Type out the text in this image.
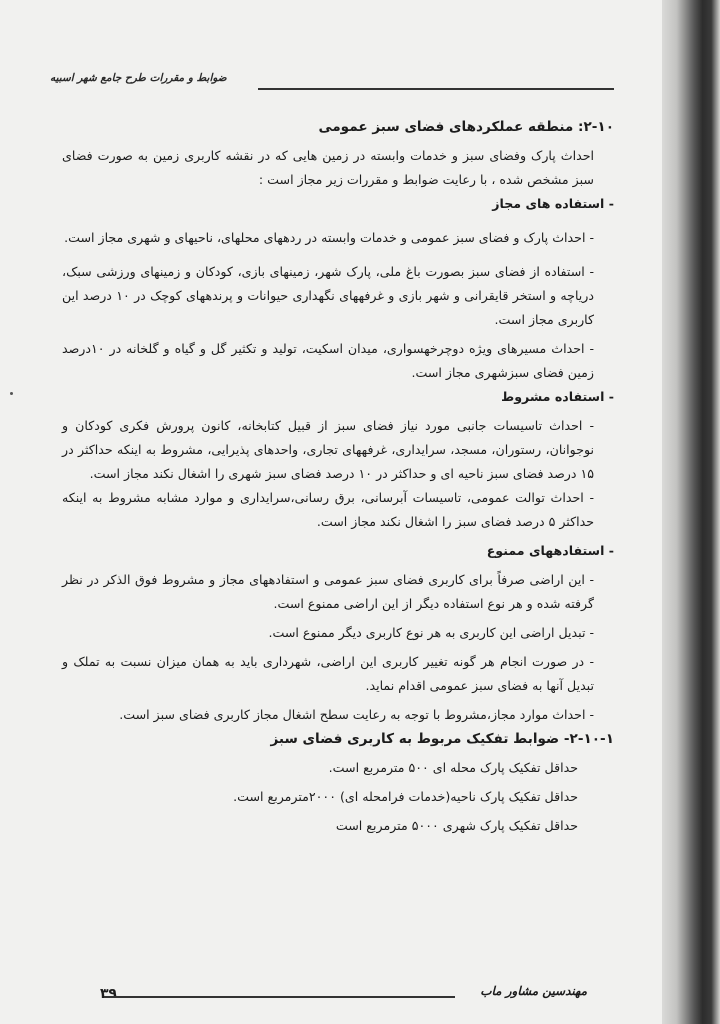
ضوابط و مقررات طرح جامع شهر اسبیه

۲-۱۰: منطقه عملکردهای فضای سبز عمومی

احداث پارک وفضای سبز و خدمات وابسته در زمین هایی که در نقشه کاربری زمین به صورت فضای سبز مشخص شده ، با رعایت ضوابط و مقررات زیر مجاز است :

- استفاده های مجاز

- احداث پارک و فضای سبز عمومی و خدمات وابسته در ردههای محلهای، ناحیهای و شهری مجاز است.

- استفاده از فضای سبز بصورت باغ ملی، پارک شهر، زمینهای بازی، کودکان و زمینهای ورزشی سبک، دریاچه و استخر قایقرانی و شهر بازی و غرفههای نگهداری حیوانات و پرندههای کوچک در ۱۰ درصد این کاربری مجاز است.

- احداث مسیرهای ویژه دوچرخهسواری، میدان اسکیت، تولید و تکثیر گل و گیاه و گلخانه در ۱۰درصد زمین فضای سبزشهری مجاز است.

- استفاده مشروط

- احداث تاسیسات جانبی مورد نیاز فضای سبز از قبیل کتابخانه، کانون پرورش فکری کودکان و نوجوانان، رستوران، مسجد، سرایداری، غرفههای تجاری، واحدهای پذیرایی، مشروط به اینکه حداکثر در ۱۵ درصد فضای سبز ناحیه ای و حداکثر در ۱۰ درصد فضای سبز شهری را اشغال نکند مجاز است.

- احداث توالت عمومی، تاسیسات آبرسانی، برق رسانی،سرایداری و موارد مشابه مشروط به اینکه حداکثر ۵ درصد فضای سبز را اشغال نکند مجاز است.

- استفادههای ممنوع

- این اراضی صرفاً برای کاربری فضای سبز عمومی و استفادههای مجاز و مشروط فوق الذکر در نظر گرفته شده و هر نوع استفاده دیگر از این اراضی ممنوع است.

- تبدیل اراضی این کاربری به هر نوع کاربری دیگر ممنوع است.

- در صورت انجام هر گونه تغییر کاربری این اراضی، شهرداری باید به همان میزان نسبت به تملک و تبدیل آنها به فضای سبز عمومی اقدام نماید.

- احداث موارد مجاز،مشروط با توجه به رعایت سطح اشغال مجاز کاربری فضای سبز است.

۲-۱۰-۱- ضوابط تفکیک مربوط به کاربری فضای سبز

حداقل تفکیک پارک محله ای ۵۰۰ مترمربع است.

حداقل تفکیک پارک ناحیه(خدمات فرامحله ای) ۲۰۰۰مترمربع است.

حداقل تفکیک پارک شهری ۵۰۰۰ مترمربع است

۳۹	مهندسین مشاور ماب
